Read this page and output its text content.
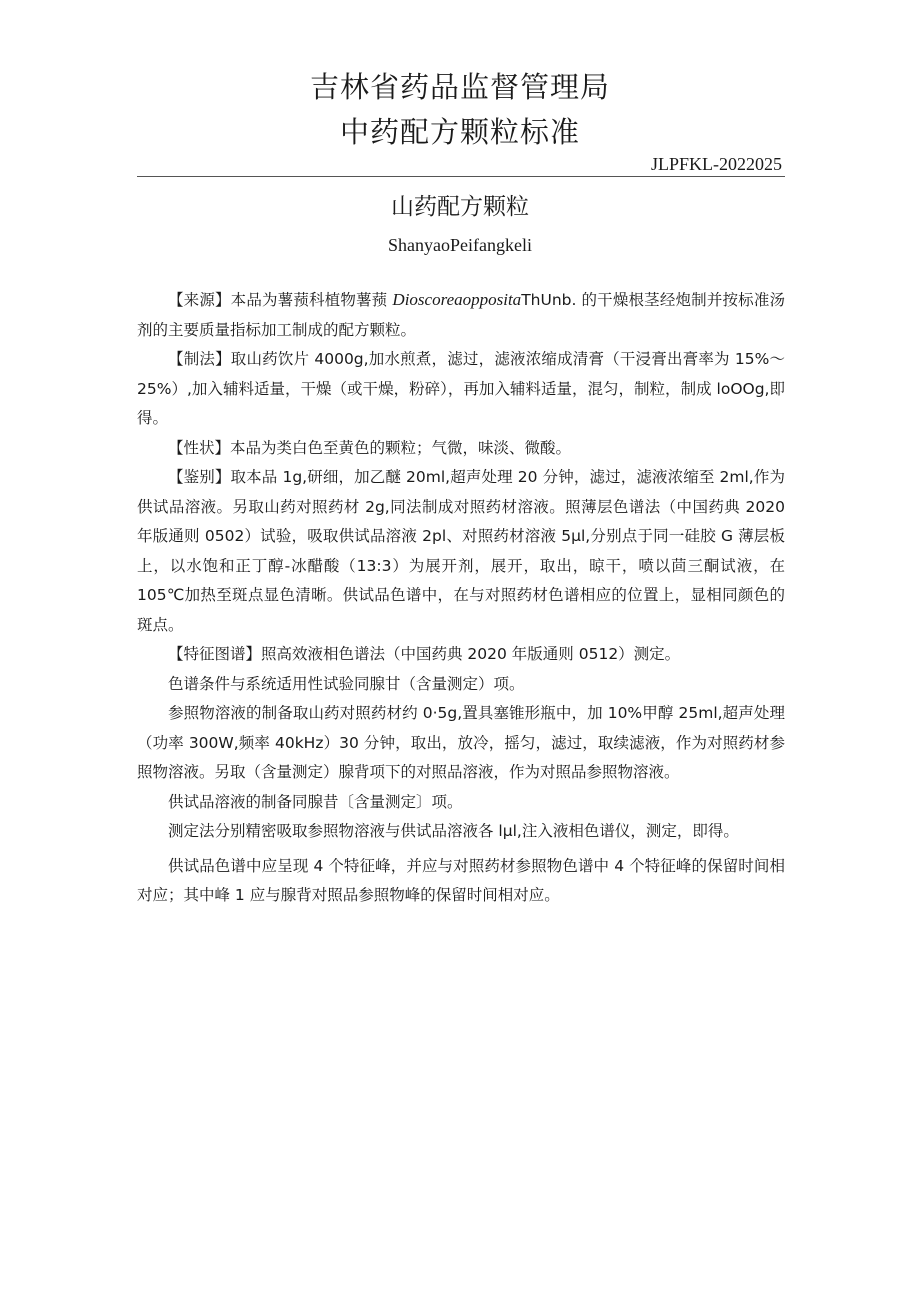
吉林省药品监督管理局
中药配方颗粒标准
JLPFKL-2022025
山药配方颗粒
ShanyaoPeifangkeli

【来源】本品为薯蓣科植物薯蓣 DioscoreaoppositaThUnb. 的干燥根茎经炮制并按标准汤剂的主要质量指标加工制成的配方颗粒。

【制法】取山药饮片 4000g,加水煎煮，滤过，滤液浓缩成清膏（干浸膏出膏率为 15%～25%）,加入辅料适量，干燥（或干燥，粉碎），再加入辅料适量，混匀，制粒，制成 loOOg,即得。

【性状】本品为类白色至黄色的颗粒；气微，味淡、微酸。

【鉴别】取本品 1g,研细，加乙醚 20ml,超声处理 20 分钟，滤过，滤液浓缩至 2ml,作为供试品溶液。另取山药对照药材 2g,同法制成对照药材溶液。照薄层色谱法（中国药典 2020 年版通则 0502）试验，吸取供试品溶液 2pl、对照药材溶液 5μl,分别点于同一硅胶 G 薄层板上，以水饱和正丁醇-冰醋酸（13:3）为展开剂，展开，取出，晾干，喷以茴三酮试液，在 105℃加热至斑点显色清晰。供试品色谱中，在与对照药材色谱相应的位置上，显相同颜色的斑点。

【特征图谱】照高效液相色谱法（中国药典 2020 年版通则 0512）测定。

色谱条件与系统适用性试验同腺甘（含量测定）项。

参照物溶液的制备取山药对照药材约 0·5g,置具塞锥形瓶中，加 10%甲醇 25ml,超声处理（功率 300W,频率 40kHz）30 分钟，取出，放冷，摇匀，滤过，取续滤液，作为对照药材参照物溶液。另取（含量测定）腺背项下的对照品溶液，作为对照品参照物溶液。

供试品溶液的制备同腺昔〔含量测定〕项。

测定法分别精密吸取参照物溶液与供试品溶液各 lμl,注入液相色谱仪，测定，即得。

供试品色谱中应呈现 4 个特征峰，并应与对照药材参照物色谱中 4 个特征峰的保留时间相对应；其中峰 1 应与腺背对照品参照物峰的保留时间相对应。
